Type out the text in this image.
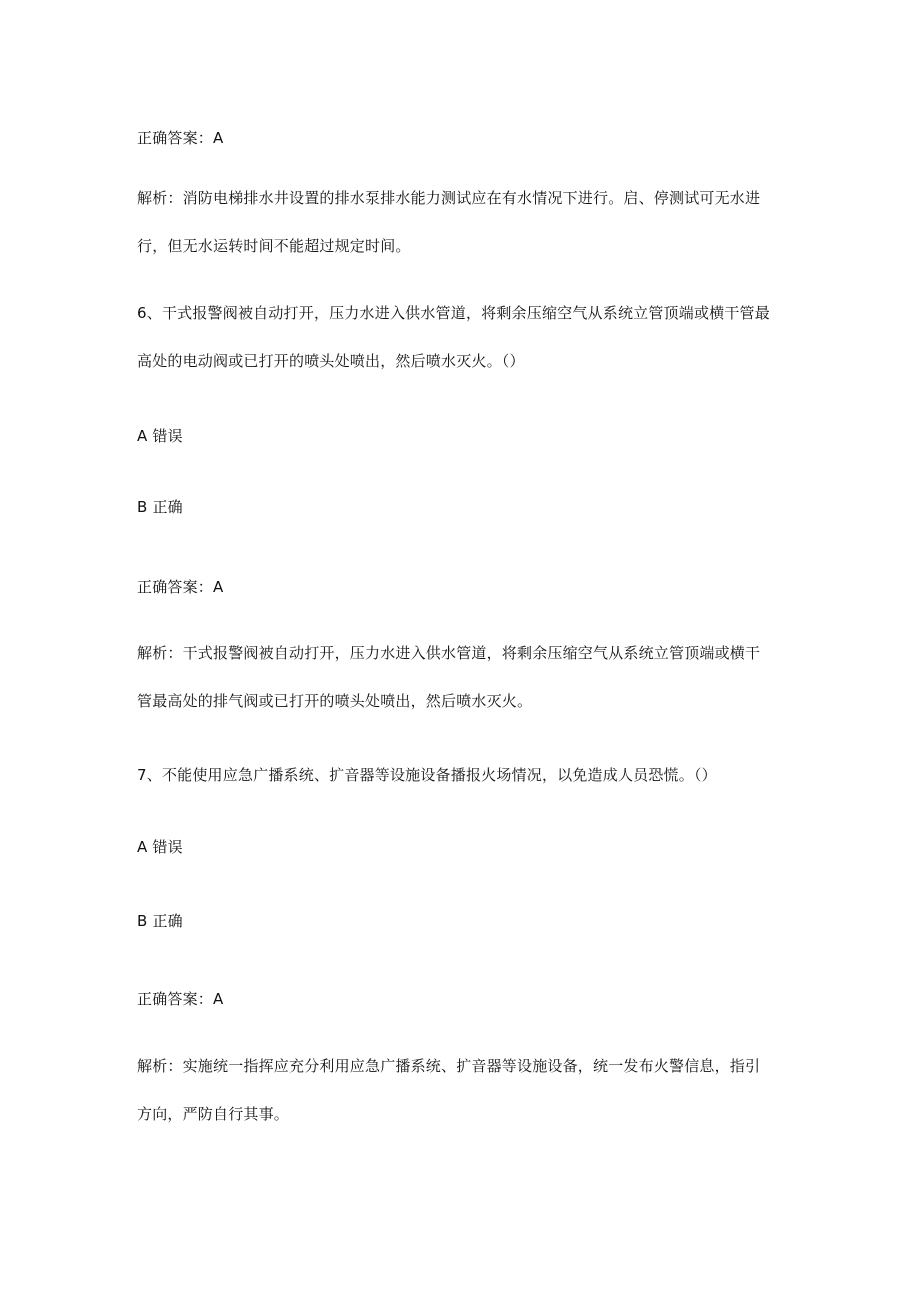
正确答案：A
解析：消防电梯排水井设置的排水泵排水能力测试应在有水情况下进行。启、停测试可无水进
行，但无水运转时间不能超过规定时间。
6、干式报警阀被自动打开，压力水进入供水管道，将剩余压缩空气从系统立管顶端或横干管最
高处的电动阀或已打开的喷头处喷出，然后喷水灭火。（）
A 错误
B 正确
正确答案：A
解析：干式报警阀被自动打开，压力水进入供水管道，将剩余压缩空气从系统立管顶端或横干
管最高处的排气阀或已打开的喷头处喷出，然后喷水灭火。
7、不能使用应急广播系统、扩音器等设施设备播报火场情况，以免造成人员恐慌。（）
A 错误
B 正确
正确答案：A
解析：实施统一指挥应充分利用应急广播系统、扩音器等设施设备，统一发布火警信息，指引
方向，严防自行其事。
